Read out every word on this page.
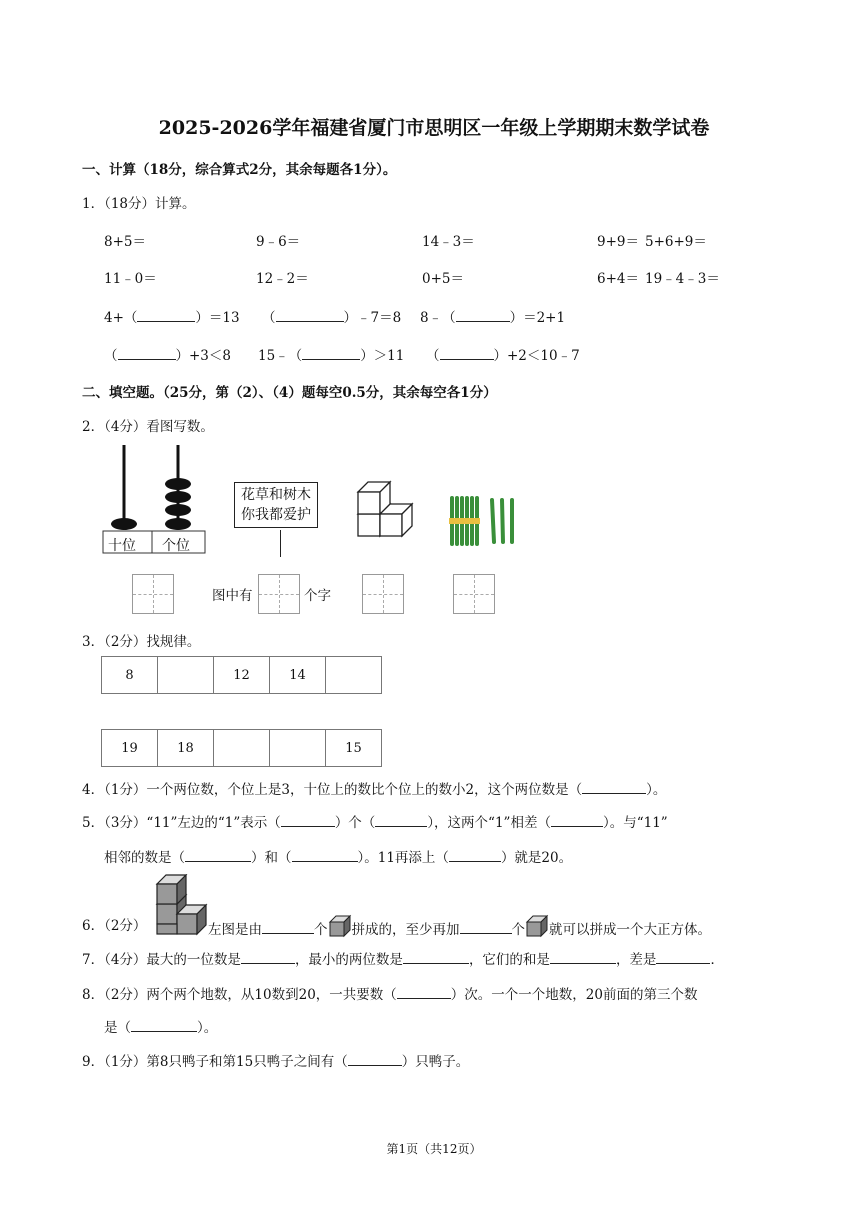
2025-2026学年福建省厦门市思明区一年级上学期期末数学试卷
一、计算（18分，综合算式2分，其余每题各1分）。
1．（18分）计算。
8+5＝	9﹣6＝	14﹣3＝	9+9＝ 5+6+9＝
11﹣0＝	12﹣2＝	0+5＝	6+4＝ 19﹣4﹣3＝
4+（	）＝13 （	）﹣7＝8 8﹣（	）＝2+1
（	）+3＜8 15﹣（	）＞11 （	）+2＜10﹣7
二、填空题。（25分，第（2）、（4）题每空0.5分，其余每空各1分）
2．（4分）看图写数。
十位 个位
花草和树木
你我都爱护
图中有	个字
3．（2分）找规律。
8		12	14	
19	18			15
4．（1分）一个两位数，个位上是3，十位上的数比个位上的数小2，这个两位数是（	）。
5．（3分）“11”左边的“1”表示（	）个（	），这两个“1”相差（	）。与“11”
相邻的数是（	）和（	）。11再添上（	）就是20。
6．（2分）	左图是由	个 拼成的，至少再加	个 就可以拼成一个大正方体。
7．（4分）最大的一位数是	，最小的两位数是	，它们的和是	，差是	．
8．（2分）两个两个地数，从10数到20，一共要数（	）次。一个一个地数，20前面的第三个数
是（	）。
9．（1分）第8只鸭子和第15只鸭子之间有（	）只鸭子。
第1页（共12页）
